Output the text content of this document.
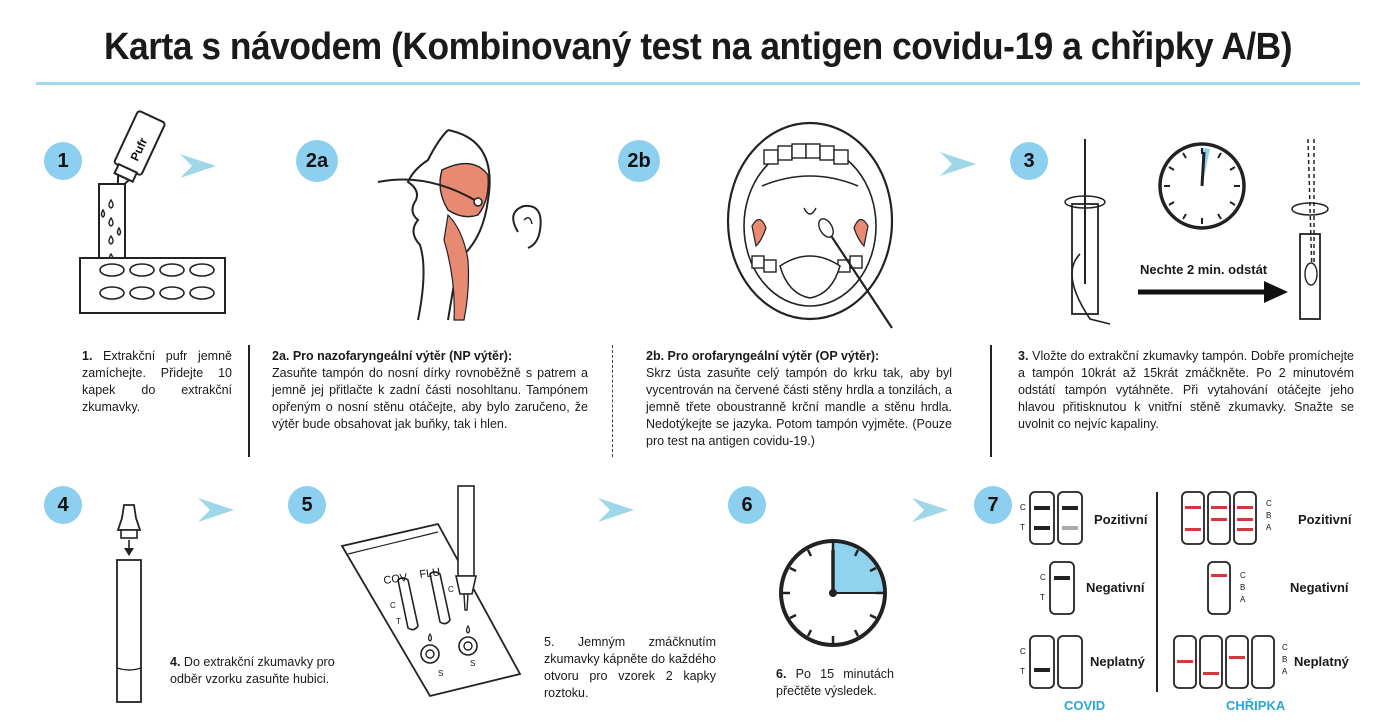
Karta s návodem (Kombinovaný test na antigen covidu-19 a chřipky A/B)
1	Pufr
1. Extrakční pufr jemně zamíchejte. Přidejte 10 kapek do extrakční zkumavky.
2a
2a. Pro nazofaryngeální výtěr (NP výtěr):
Zasuňte tampón do nosní dírky rovnoběžně s patrem a jemně jej přitlačte k zadní části nosohltanu. Tampónem opřeným o nosní stěnu otáčejte, aby bylo zaručeno, že výtěr bude obsahovat jak buňky, tak i hlen.
2b
2b. Pro orofaryngeální výtěr (OP výtěr):
Skrz ústa zasuňte celý tampón do krku tak, aby byl vycentrován na červené části stěny hrdla a tonzilách, a jemně třete oboustranně krční mandle a stěnu hrdla. Nedotýkejte se jazyka. Potom tampón vyjměte. (Pouze pro test na antigen covidu-19.)
3
Nechte 2 min. odstát
3. Vložte do extrakční zkumavky tampón. Dobře promíchejte a tampón 10krát až 15krát zmáčkněte. Po 2 minutovém odstátí tampón vytáhněte. Při vytahování otáčejte jeho hlavou přitisknutou k vnitřní stěně zkumavky. Snažte se uvolnit co nejvíc kapaliny.
4
4. Do extrakční zkumavky pro odběr vzorku zasuňte hubici.
5
COV FLU
C
T
C
S
S
5. Jemným zmáčknutím zkumavky kápněte do každého otvoru pro vzorek 2 kapky roztoku.
6
6. Po 15 minutách přečtěte výsledek.
7	C
T
C
T
C
T
Pozitivní
Negativní
Neplatný
C
B
A
C
B
A
C
B
A
Pozitivní
Negativní
Neplatný
COVID	CHŘIPKA
